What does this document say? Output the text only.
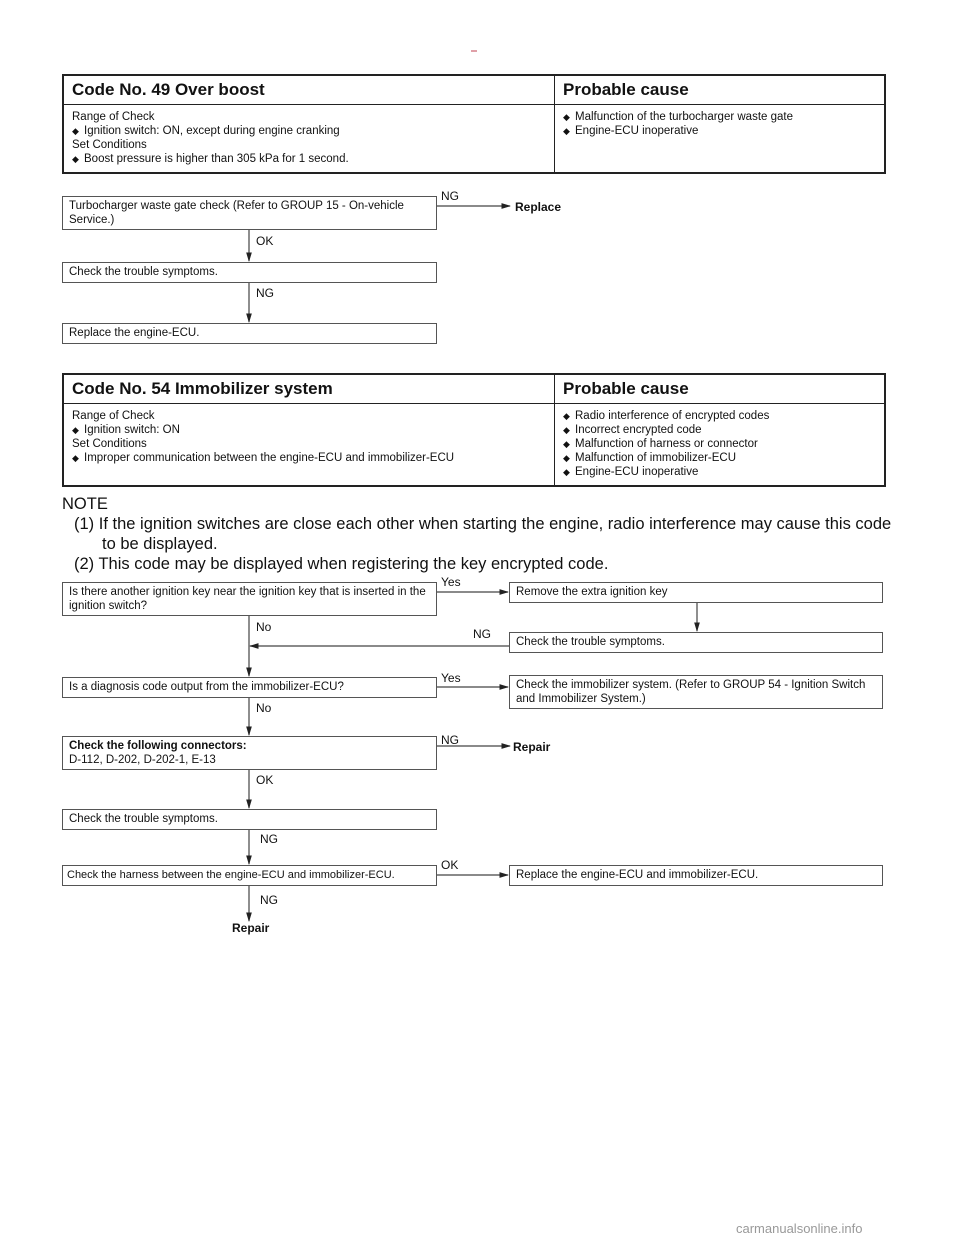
Code No. 49 Over boost	Probable cause

Range of Check
◆ Ignition switch: ON, except during engine cranking
Set Conditions
◆ Boost pressure is higher than 305 kPa for 1 second.	◆ Malfunction of the turbocharger waste gate
◆ Engine-ECU inoperative
Turbocharger waste gate check (Refer to GROUP 15 - On-vehicle Service.)
NG
Replace
OK
Check the trouble symptoms.
NG
Replace the engine-ECU.
Code No. 54 Immobilizer system	Probable cause

Range of Check
◆ Ignition switch: ON
Set Conditions
◆ Improper communication between the engine-ECU and immobilizer-ECU	◆ Radio interference of encrypted codes
◆ Incorrect encrypted code
◆ Malfunction of harness or connector
◆ Malfunction of immobilizer-ECU
◆ Engine-ECU inoperative
NOTE
(1) If the ignition switches are close each other when starting the engine, radio interference may cause this code to be displayed.
(2) This code may be displayed when registering the key encrypted code.
Is there another ignition key near the ignition key that is inserted in the ignition switch?
Yes
Remove the extra ignition key
No	NG
Check the trouble symptoms.
Is a diagnosis code output from the immobilizer-ECU?
Yes	Check the immobilizer system. (Refer to GROUP 54 - Ignition Switch and Immobilizer System.)
No
Check the following connectors:
D-112, D-202, D-202-1, E-13
NG	Repair
OK
Check the trouble symptoms.
NG
Check the harness between the engine-ECU and immobilizer-ECU.
OK
Replace the engine-ECU and immobilizer-ECU.
NG
Repair
carmanualsonline.info
